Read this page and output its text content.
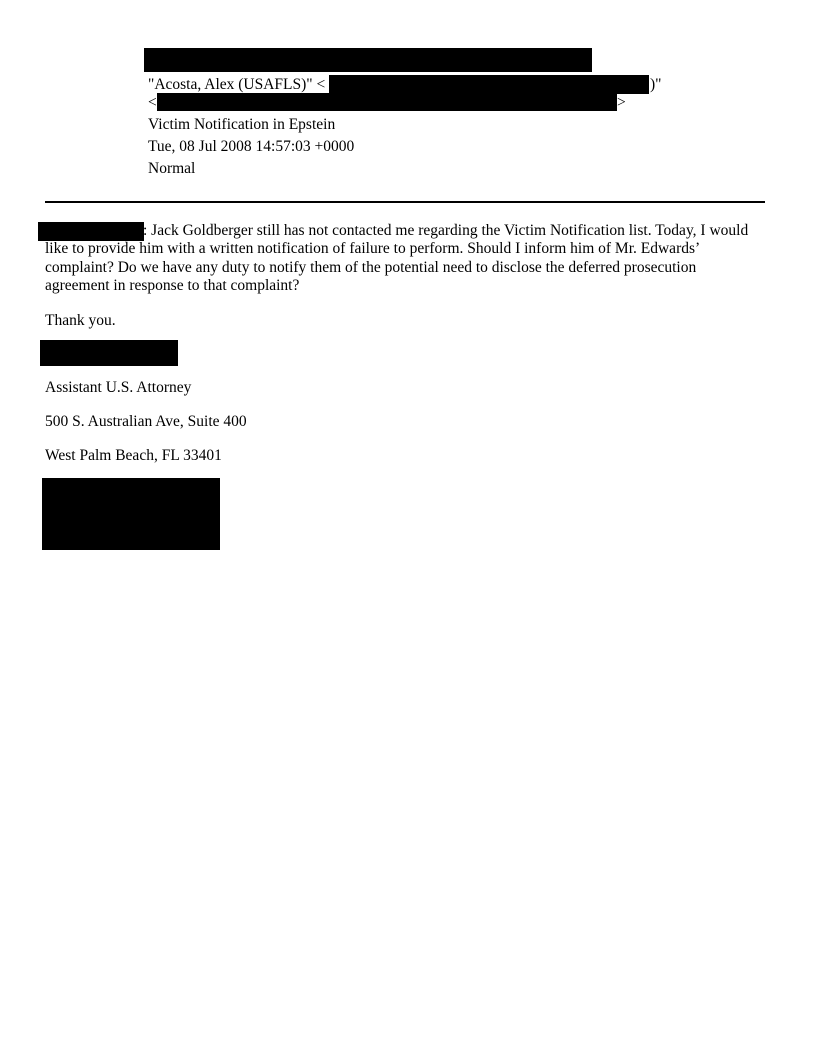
"Acosta, Alex (USAFLS)" <	)"
<	>
Victim Notification in Epstein
Tue, 08 Jul 2008 14:57:03 +0000
Normal
: Jack Goldberger still has not contacted me regarding the Victim Notification list. Today, I would
like to provide him with a written notification of failure to perform. Should I inform him of Mr. Edwards’
complaint? Do we have any duty to notify them of the potential need to disclose the deferred prosecution
agreement in response to that complaint?
Thank you.
Assistant U.S. Attorney
500 S. Australian Ave, Suite 400
West Palm Beach, FL 33401
